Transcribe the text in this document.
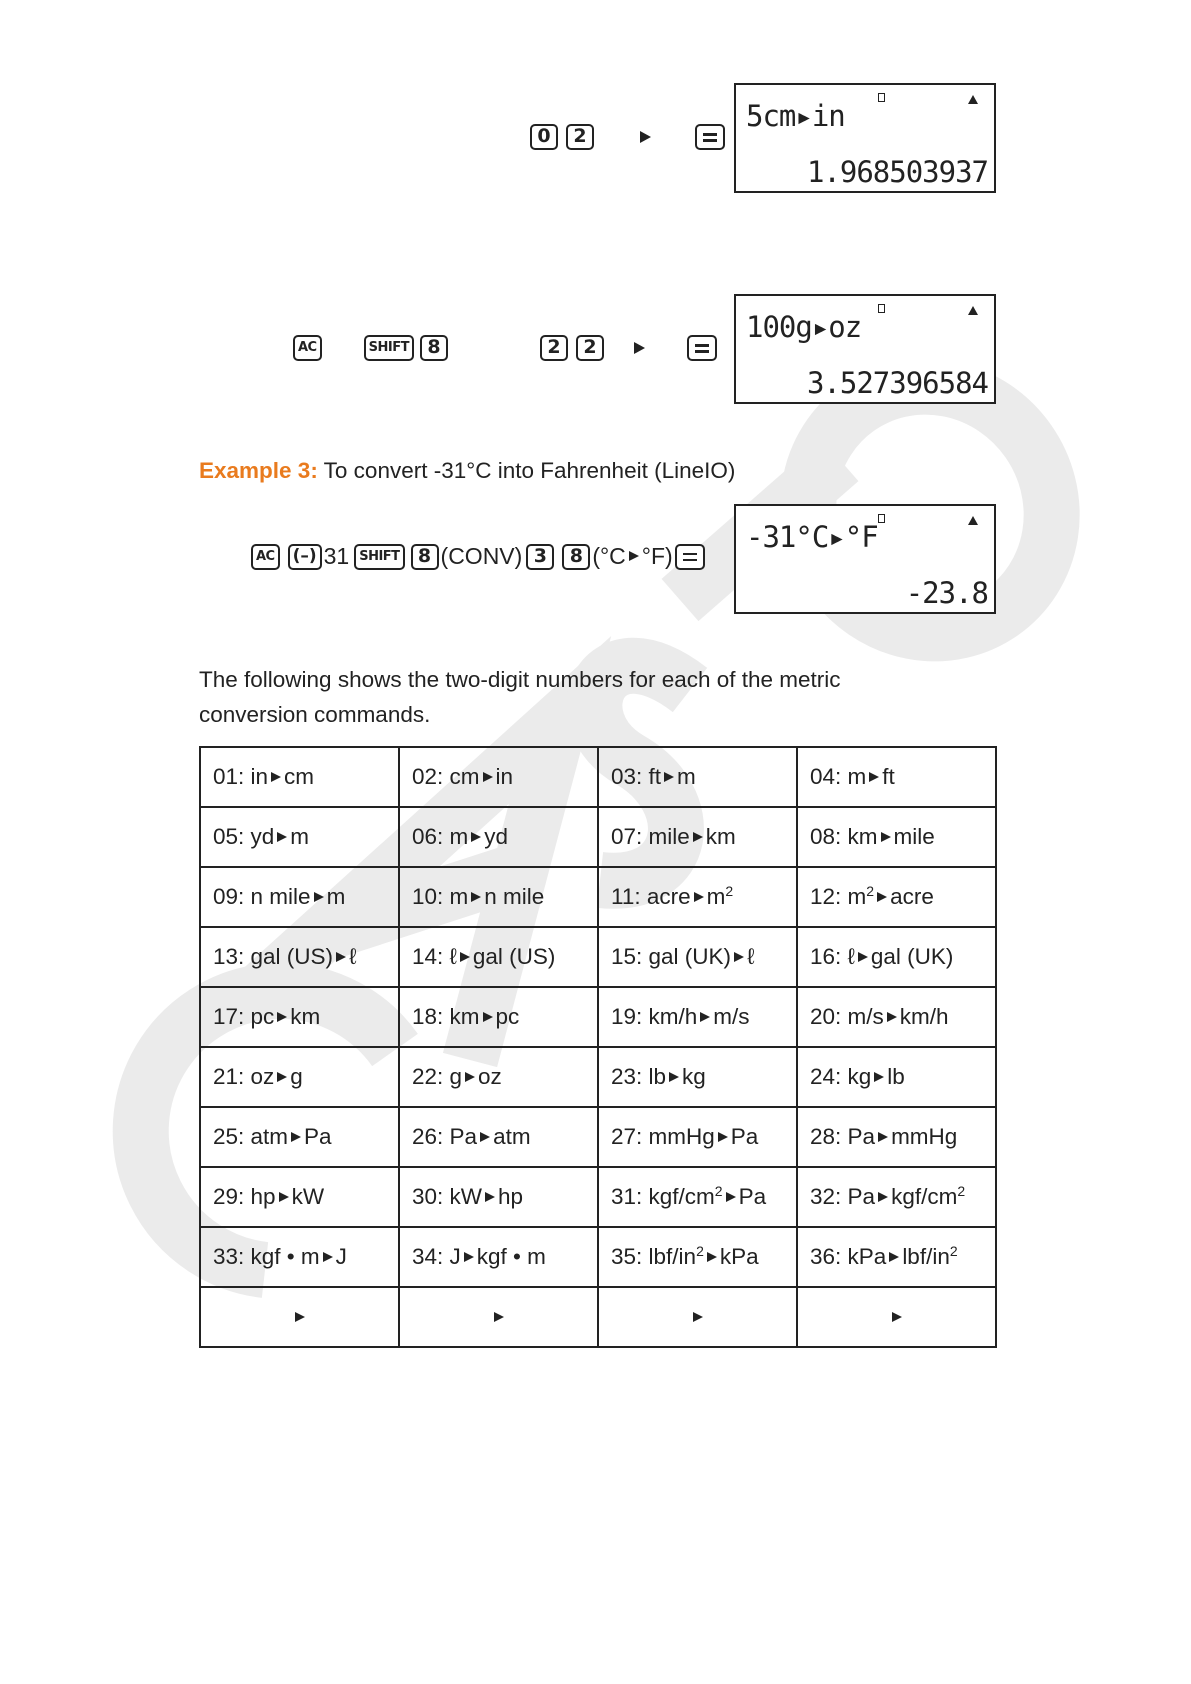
0	2
5cm▸in
1.968503937
AC	SHIFT 8	2	2
100g▸oz
3.527396584
Example 3: To convert -31°C into Fahrenheit (LineIO)
AC (–) 31 SHIFT 8 (CONV) 3	8 (°C °F)
-31°C▸°F
-23.8
The following shows the two-digit numbers for each of the metric
conversion commands.
01: in cm	02: cm in	03: ft m	04: m ft
05: yd m	06: m yd	07: mile km	08: km mile
09: n mile m	10: m n mile	11: acre $m^2$	12: $m^2$ acre
13: gal (US) ℓ	14: ℓ gal (US)	15: gal (UK) ℓ	16: ℓ gal (UK)
17: pc km	18: km pc	19: km/h m/s	20: m/s km/h
21: oz g	22: g oz	23: lb kg	24: kg lb
25: atm Pa	26: Pa atm	27: mmHg Pa	28: Pa mmHg
29: hp kW	30: kW hp	31: kgf/$cm^2$ Pa	32: Pa kgf/$cm^2$
33: kgf • m J	34: J kgf • m	35: lbf/$in^2$ kPa	36: kPa lbf/$in^2$
